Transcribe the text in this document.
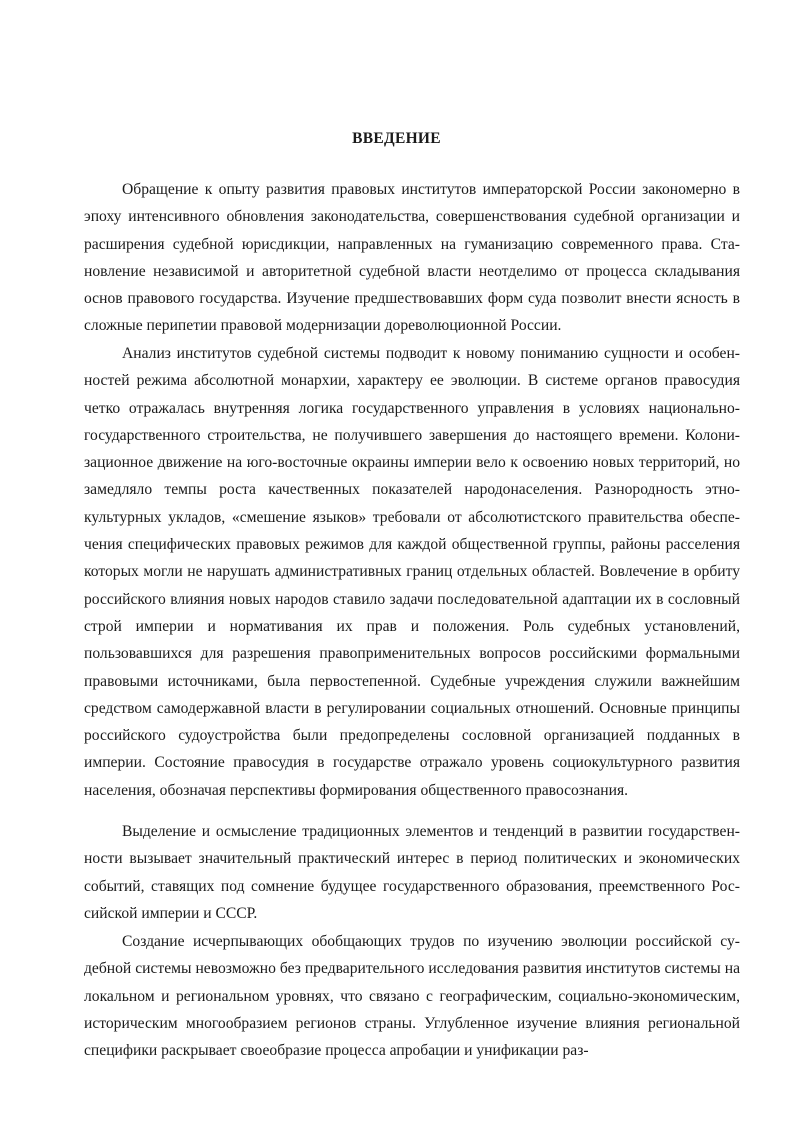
ВВЕДЕНИЕ

Обращение к опыту развития правовых институтов императорской России закономерно в эпоху интенсивного обновления законодательства, совершенствования судебной организации и расширения судебной юрисдикции, направленных на гуманизацию современного права. Становление независимой и авторитетной судебной власти неотделимо от процесса складывания основ правового государства. Изучение предшествовавших форм суда позволит внести ясность в сложные перипетии правовой модернизации дореволюционной России.

Анализ институтов судебной системы подводит к новому пониманию сущности и особенностей режима абсолютной монархии, характеру ее эволюции. В системе органов правосудия четко отражалась внутренняя логика государственного управления в условиях национально-государственного строительства, не получившего завершения до настоящего времени. Колонизационное движение на юго-восточные окраины империи вело к освоению новых территорий, но замедляло темпы роста качественных показателей народонаселения. Разнородность этнокультурных укладов, «смешение языков» требовали от абсолютистского правительства обеспечения специфических правовых режимов для каждой общественной группы, районы расселения которых могли не нарушать административных границ отдельных областей. Вовлечение в орбиту российского влияния новых народов ставило задачи последовательной адаптации их в сословный строй империи и нормативания их прав и положения. Роль судебных установлений, пользовавшихся для разрешения правоприменительных вопросов российскими формальными правовыми источниками, была первостепенной. Судебные учреждения служили важнейшим средством самодержавной власти в регулировании социальных отношений. Основные принципы российского судоустройства были предопределены сословной организацией подданных в империи. Состояние правосудия в государстве отражало уровень социокультурного развития населения, обозначая перспективы формирования общественного правосознания.

Выделение и осмысление традиционных элементов и тенденций в развитии государственности вызывает значительный практический интерес в период политических и экономических событий, ставящих под сомнение будущее государственного образования, преемственного Российской империи и СССР.

Создание исчерпывающих обобщающих трудов по изучению эволюции российской судебной системы невозможно без предварительного исследования развития институтов системы на локальном и региональном уровнях, что связано с географическим, социально-экономическим, историческим многообразием регионов страны. Углубленное изучение влияния региональной специфики раскрывает своеобразие процесса апробации и унификации раз-
